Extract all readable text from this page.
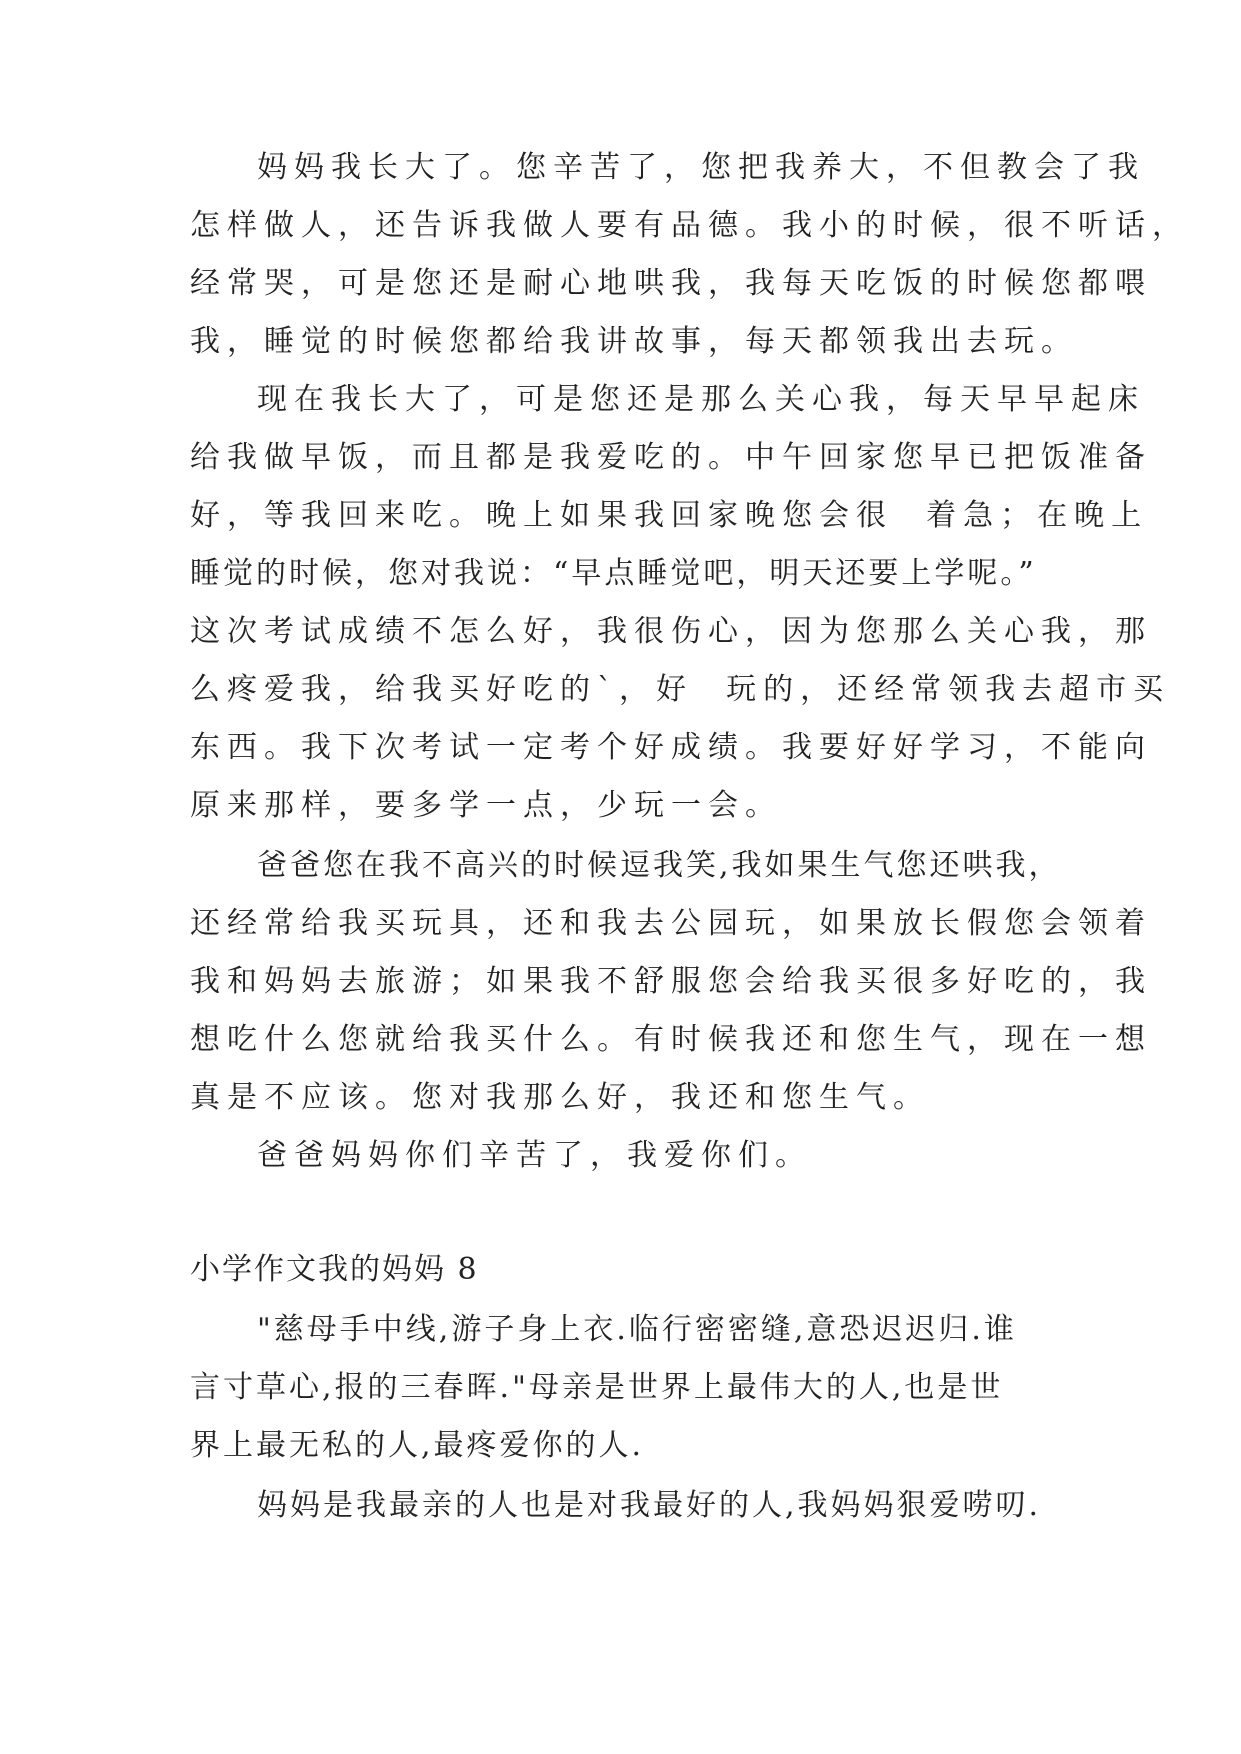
妈妈我长大了。您辛苦了，您把我养大，不但教会了我
怎样做人，还告诉我做人要有品德。我小的时候，很不听话，
经常哭，可是您还是耐心地哄我，我每天吃饭的时候您都喂
我，睡觉的时候您都给我讲故事，每天都领我出去玩。
现在我长大了，可是您还是那么关心我，每天早早起床
给我做早饭，而且都是我爱吃的。中午回家您早已把饭准备
好，等我回来吃。晚上如果我回家晚您会很  着急；在晚上
睡觉的时候，您对我说：“早点睡觉吧，明天还要上学呢。”
这次考试成绩不怎么好，我很伤心，因为您那么关心我，那
么疼爱我，给我买好吃的`，好  玩的，还经常领我去超市买
东西。我下次考试一定考个好成绩。我要好好学习，不能向
原来那样，要多学一点，少玩一会。
爸爸您在我不高兴的时候逗我笑,我如果生气您还哄我，
还经常给我买玩具，还和我去公园玩，如果放长假您会领着
我和妈妈去旅游；如果我不舒服您会给我买很多好吃的，我
想吃什么您就给我买什么。有时候我还和您生气，现在一想
真是不应该。您对我那么好，我还和您生气。
爸爸妈妈你们辛苦了，我爱你们。
小学作文我的妈妈 8
"慈母手中线,游子身上衣.临行密密缝,意恐迟迟归.谁
言寸草心,报的三春晖."母亲是世界上最伟大的人,也是世
界上最无私的人,最疼爱你的人.
妈妈是我最亲的人也是对我最好的人,我妈妈狠爱唠叨.
